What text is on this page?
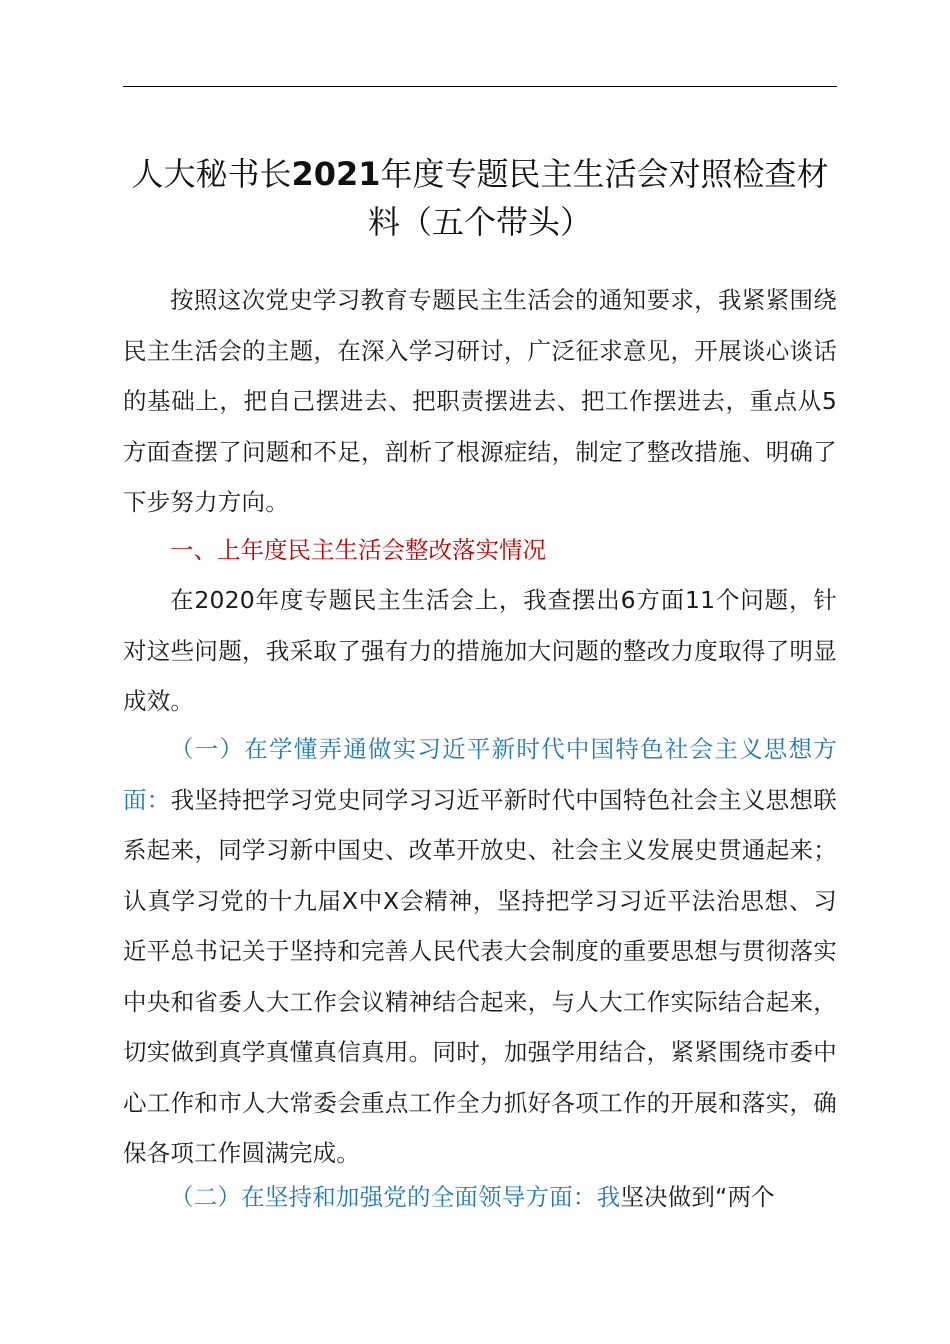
人大秘书长2021年度专题民主生活会对照检查材料（五个带头）

按照这次党史学习教育专题民主生活会的通知要求，我紧紧围绕民主生活会的主题，在深入学习研讨，广泛征求意见，开展谈心谈话的基础上，把自己摆进去、把职责摆进去、把工作摆进去，重点从5方面查摆了问题和不足，剖析了根源症结，制定了整改措施、明确了下步努力方向。

一、上年度民主生活会整改落实情况

在2020年度专题民主生活会上，我查摆出6方面11个问题，针对这些问题，我采取了强有力的措施加大问题的整改力度取得了明显成效。

（一）在学懂弄通做实习近平新时代中国特色社会主义思想方面：我坚持把学习党史同学习习近平新时代中国特色社会主义思想联系起来，同学习新中国史、改革开放史、社会主义发展史贯通起来；认真学习党的十九届X中X会精神，坚持把学习习近平法治思想、习近平总书记关于坚持和完善人民代表大会制度的重要思想与贯彻落实中央和省委人大工作会议精神结合起来，与人大工作实际结合起来，切实做到真学真懂真信真用。同时，加强学用结合，紧紧围绕市委中心工作和市人大常委会重点工作全力抓好各项工作的开展和落实，确保各项工作圆满完成。

（二）在坚持和加强党的全面领导方面：我坚决做到“两个
